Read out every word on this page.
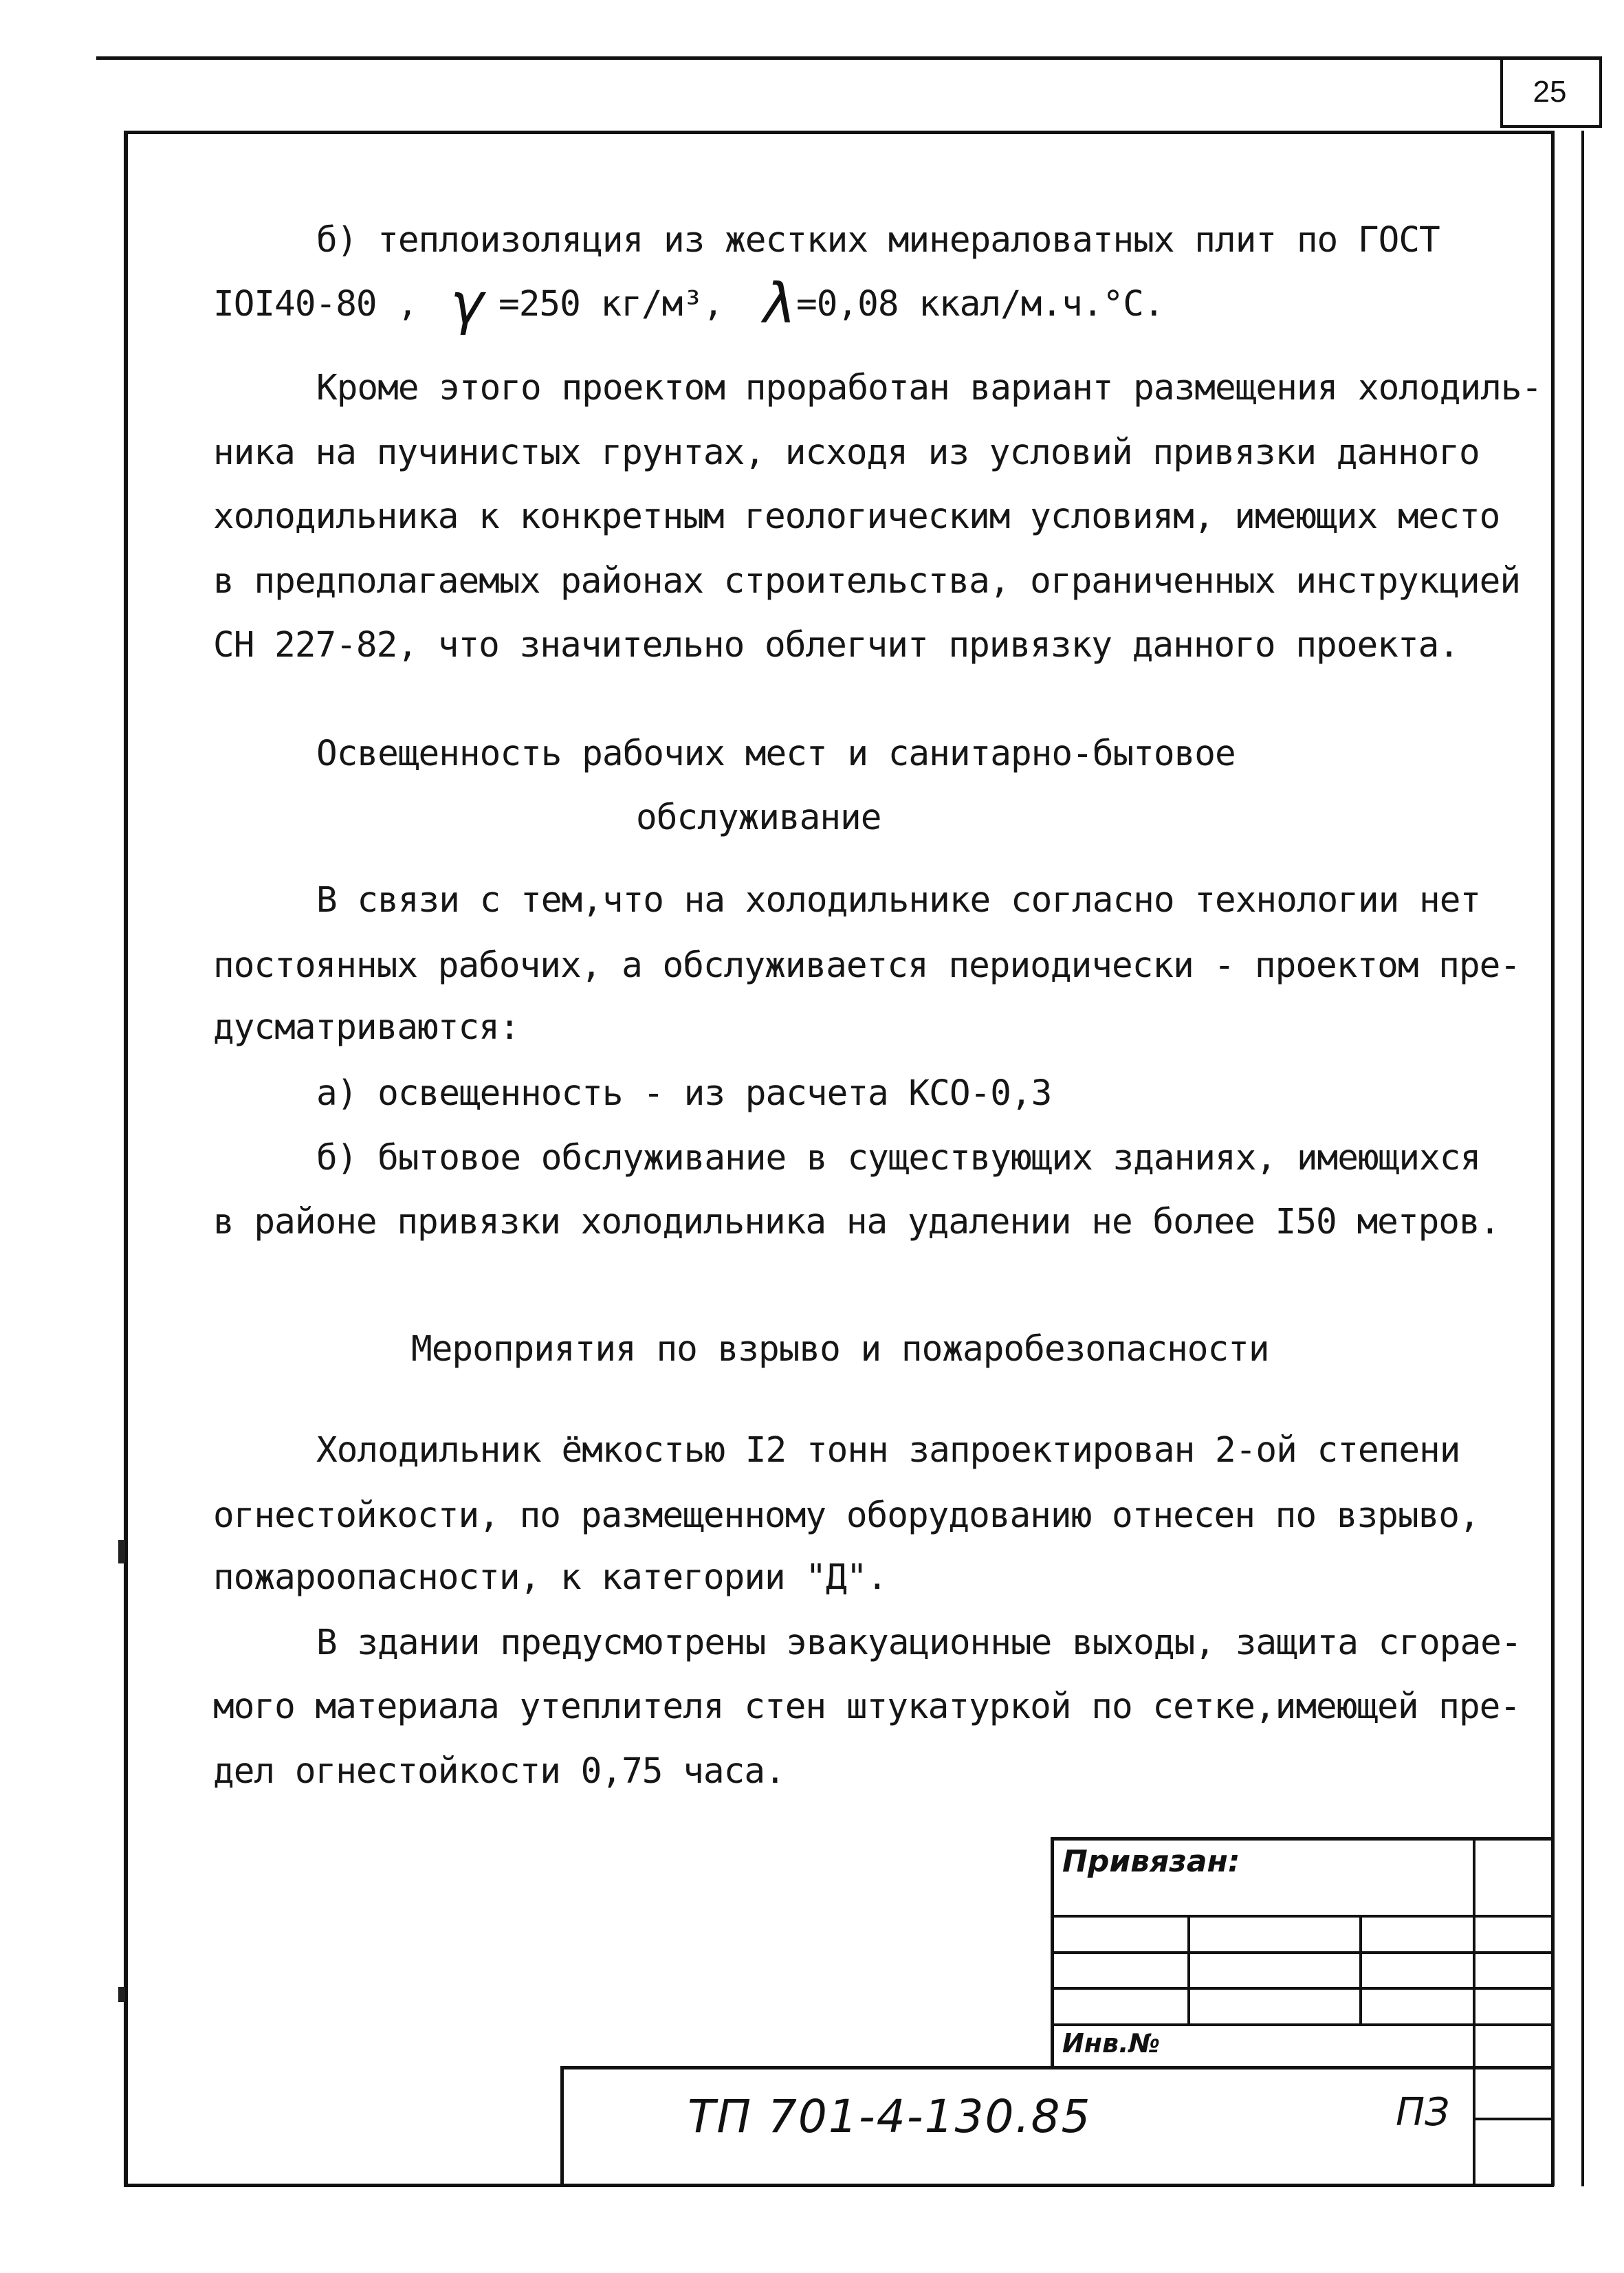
25
б) теплоизоляция из жестких минераловатных плит по ГОСТ
IOI40-80 , γ =250 кг/м³, λ =0,08 ккал/м.ч.°С.
Кроме этого проектом проработан вариант размещения холодиль-
ника на пучинистых грунтах, исходя из условий привязки данного
холодильника к конкретным геологическим условиям, имеющих место
в предполагаемых районах строительства, ограниченных инструкцией
СН 227-82, что значительно облегчит привязку данного проекта.
Освещенность рабочих мест и санитарно-бытовое
обслуживание
В связи с тем,что на холодильнике согласно технологии нет
постоянных рабочих, а обслуживается периодически - проектом пре-
дусматриваются:
а) освещенность - из расчета КСО-0,3
б) бытовое обслуживание в существующих зданиях, имеющихся
в районе привязки холодильника на удалении не более I50 метров.
Мероприятия по взрыво и пожаробезопасности
Холодильник ёмкостью I2 тонн запроектирован 2-ой степени
огнестойкости, по размещенному оборудованию отнесен по взрыво,
пожароопасности, к категории "Д".
В здании предусмотрены эвакуационные выходы, защита сгорае-
мого материала утеплителя стен штукатуркой по сетке,имеющей пре-
дел огнестойкости 0,75 часа.
Привязан:
Инв.№
ТП 701-4-130.85	ПЗ
